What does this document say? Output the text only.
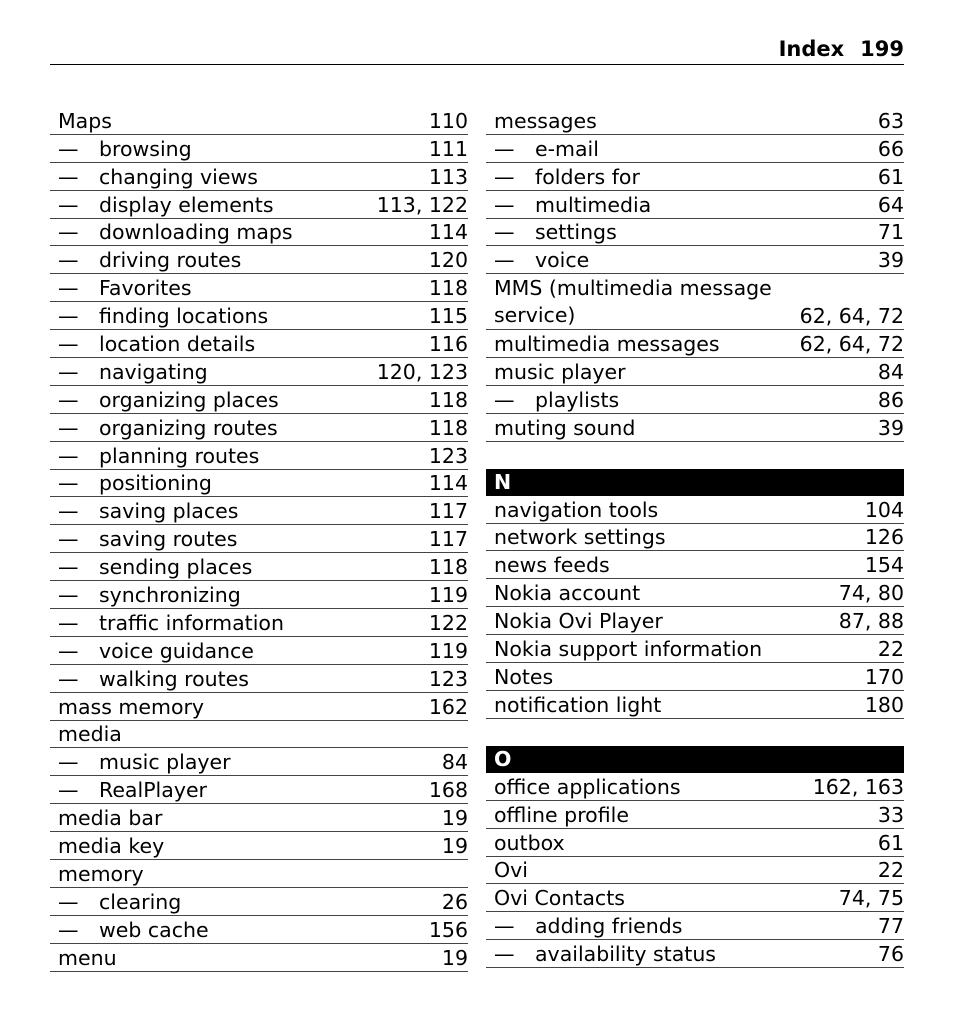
Index 199
Maps	110
— browsing	111
— changing views	113
— display elements	113, 122
— downloading maps	114
— driving routes	120
— Favorites	118
— finding locations	115
— location details	116
— navigating	120, 123
— organizing places	118
— organizing routes	118
— planning routes	123
— positioning	114
— saving places	117
— saving routes	117
— sending places	118
— synchronizing	119
— traffic information	122
— voice guidance	119
— walking routes	123
mass memory	162
media
— music player	84
— RealPlayer	168
media bar	19
media key	19
memory
— clearing	26
— web cache	156
menu	19
messages	63
— e-mail	66
— folders for	61
— multimedia	64
— settings	71
— voice	39
MMS (multimedia message service)	62, 64, 72
multimedia messages	62, 64, 72
music player	84
— playlists	86
muting sound	39
N
navigation tools	104
network settings	126
news feeds	154
Nokia account	74, 80
Nokia Ovi Player	87, 88
Nokia support information	22
Notes	170
notification light	180
O
office applications	162, 163
offline profile	33
outbox	61
Ovi	22
Ovi Contacts	74, 75
— adding friends	77
— availability status	76
